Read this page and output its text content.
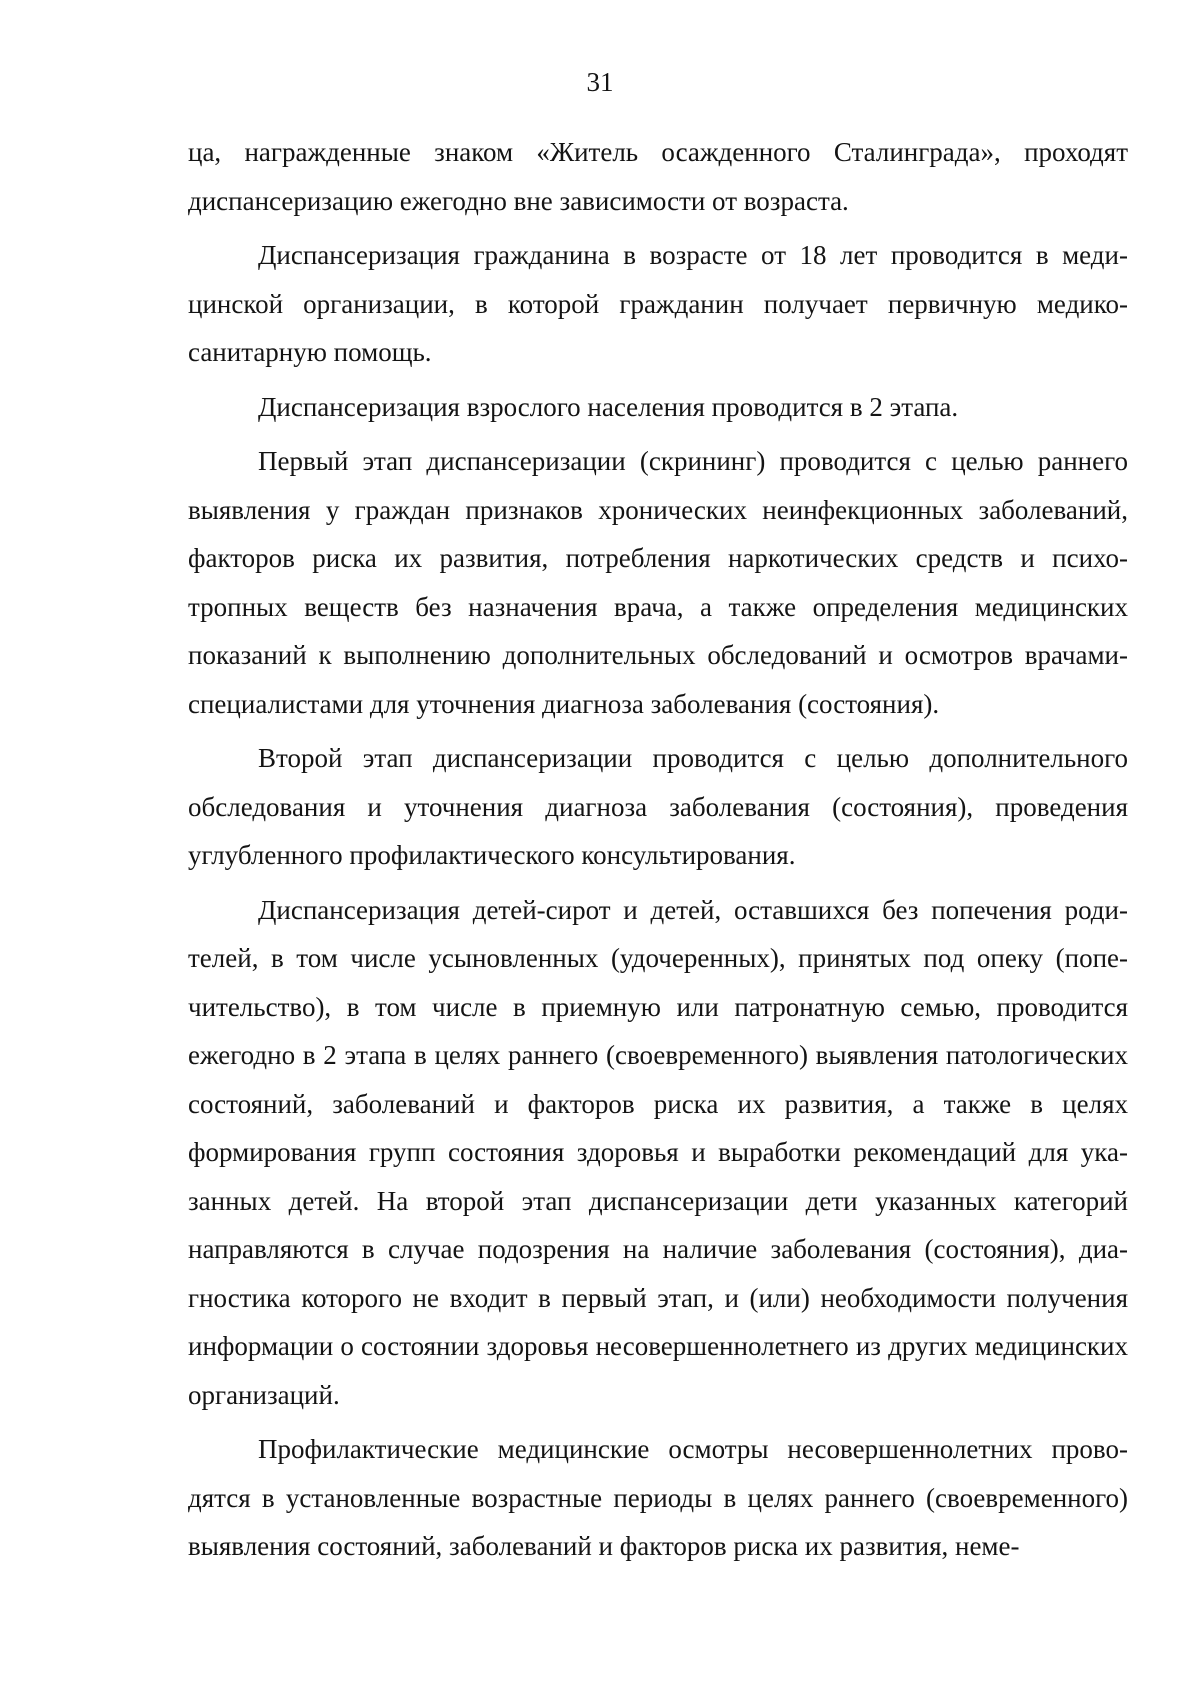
31

ца, награжденные знаком «Житель осажденного Сталинграда», проходят диспансеризацию ежегодно вне зависимости от возраста.

Диспансеризация гражданина в возрасте от 18 лет проводится в медицинской организации, в которой гражданин получает первичную медико-санитарную помощь.

Диспансеризация взрослого населения проводится в 2 этапа.

Первый этап диспансеризации (скрининг) проводится с целью раннего выявления у граждан признаков хронических неинфекционных заболеваний, факторов риска их развития, потребления наркотических средств и психотропных веществ без назначения врача, а также определения медицинских показаний к выполнению дополнительных обследований и осмотров врачами-специалистами для уточнения диагноза заболевания (состояния).

Второй этап диспансеризации проводится с целью дополнительного обследования и уточнения диагноза заболевания (состояния), проведения углубленного профилактического консультирования.

Диспансеризация детей-сирот и детей, оставшихся без попечения родителей, в том числе усыновленных (удочеренных), принятых под опеку (попечительство), в том числе в приемную или патронатную семью, проводится ежегодно в 2 этапа в целях раннего (своевременного) выявления патологических состояний, заболеваний и факторов риска их развития, а также в целях формирования групп состояния здоровья и выработки рекомендаций для указанных детей. На второй этап диспансеризации дети указанных категорий направляются в случае подозрения на наличие заболевания (состояния), диагностика которого не входит в первый этап, и (или) необходимости получения информации о состоянии здоровья несовершеннолетнего из других медицинских организаций.

Профилактические медицинские осмотры несовершеннолетних проводятся в установленные возрастные периоды в целях раннего (своевременного) выявления состояний, заболеваний и факторов риска их развития, неме-
